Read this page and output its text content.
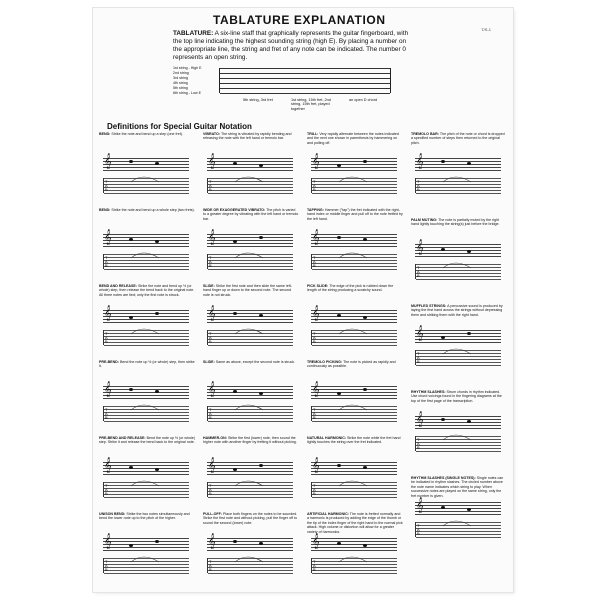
TABLATURE EXPLANATION
T/S-1
TABLATURE: A six-line staff that graphically represents the guitar fingerboard, with the top line indicating the highest sounding string (high E). By placing a number on the appropriate line, the string and fret of any note can be indicated. The number 0 represents an open string.
1st string - High E
2nd string
3rd string
4th string
5th string
6th string - Low E
5th string, 3rd fret	1st string, 15th fret, 2nd string, 15th fret, played together
an open D chord
Definitions for Special Guitar Notation
BEND: Strike the note and bend up a step (one fret).
𝄞
T
A
B
BEND: Strike the note and bend up a whole step (two frets).
𝄞
T
A
B
BEND AND RELEASE: Strike the note and bend up ½ (or whole) step, then release the bend back to the original note. All three notes are tied; only the first note is struck.
𝄞
T
A
B
PRE-BEND: Bend the note up ½ (or whole) step, then strike it.
𝄞
T
A
B
PRE-BEND AND RELEASE: Bend the note up ½ (or whole) step. Strike it and release the bend back to the original note.
𝄞
T
A
B
UNISON BEND: Strike the two notes simultaneously and bend the lower note up to the pitch of the higher.
𝄞
T
A
B
VIBRATO: The string is vibrated by rapidly bending and releasing the note with the left hand or tremolo bar.
𝄞
T
A
B
WIDE OR EXAGGERATED VIBRATO: The pitch is varied to a greater degree by vibrating with the left hand or tremolo bar.
𝄞
T
A
B
SLIDE: Strike the first note and then slide the same left-hand finger up or down to the second note. The second note is not struck.
𝄞
T
A
B
SLIDE: Same as above, except the second note is struck.
𝄞
T
A
B
HAMMER-ON: Strike the first (lower) note, then sound the higher note with another finger by fretting it without picking.
𝄞
T
A
B
PULL-OFF: Place both fingers on the notes to be sounded. Strike the first note and without picking, pull the finger off to sound the second (lower) note.
𝄞
T
A
B
TRILL: Very rapidly alternate between the notes indicated and the next one shown in parenthesis by hammering on and pulling off.
𝄞
T
A
B
TAPPING: Hammer ("tap") the fret indicated with the right-hand index or middle finger and pull off to the note fretted by the left hand.
𝄞
T
A
B
PICK SLIDE: The edge of the pick is rubbed down the length of the string producing a scratchy sound.
𝄞
T
A
B
TREMOLO PICKING: The note is picked as rapidly and continuously as possible.
𝄞
T
A
B
NATURAL HARMONIC: Strike the note while the fret hand lightly touches the string over the fret indicated.
𝄞
T
A
B
ARTIFICIAL HARMONIC: The note is fretted normally and a harmonic is produced by adding the edge of the thumb or the tip of the index finger of the right hand to the normal pick attack. High volume or distortion will allow for a greater variety of harmonics.
𝄞
T
A
B
TREMOLO BAR: The pitch of the note or chord is dropped a specified number of steps then returned to the original pitch.
𝄞
T
A
B
PALM MUTING: The note is partially muted by the right hand lightly touching the string(s) just before the bridge.
𝄞
T
A
B
MUFFLED STRINGS: A percussive sound is produced by laying the first hand across the strings without depressing them and striking them with the right hand.
𝄞
T
A
B
RHYTHM SLASHES: Strum chords in rhythm indicated. Use chord voicings found in the fingering diagrams at the top of the first page of the transcription.
𝄞
T
A
B
RHYTHM SLASHES (SINGLE NOTES): Single notes can be indicated in rhythm slashes. The circled number above the note name indicates which string to play. When successive notes are played on the same string, only the fret number is given.
𝄞
T
A
B
